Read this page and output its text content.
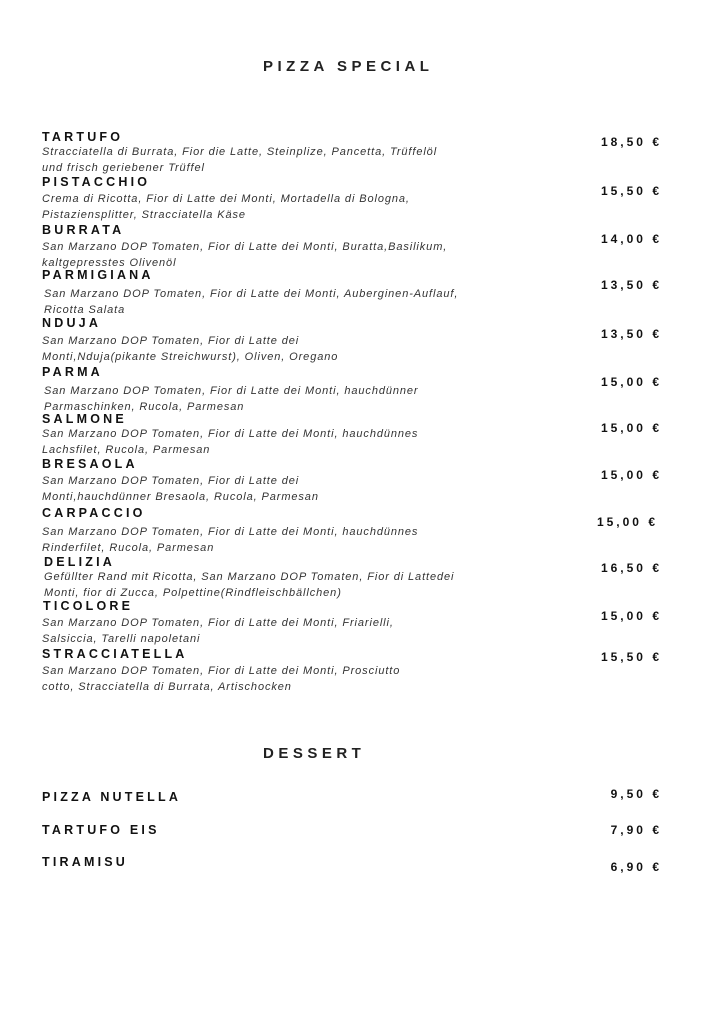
PIZZA SPECIAL
TARTUFO
Stracciatella di Burrata, Fior die Latte, Steinplize, Pancetta, Trüffelöl und frisch geriebener Trüffel
18,50 €
PISTACCHIO
Crema di Ricotta, Fior di Latte dei Monti, Mortadella di Bologna, Pistaziensplitter, Stracciatella Käse
15,50 €
BURRATA
San Marzano DOP Tomaten, Fior di Latte dei Monti, Buratta,Basilikum, kaltgepresstes Olivenöl
14,00 €
PARMIGIANA
San Marzano DOP Tomaten, Fior di Latte dei Monti, Auberginen-Auflauf, Ricotta Salata
13,50 €
NDUJA
San Marzano DOP Tomaten, Fior di Latte dei Monti,Nduja(pikante Streichwurst), Oliven, Oregano
13,50 €
PARMA
San Marzano DOP Tomaten, Fior di Latte dei Monti, hauchdünner Parmaschinken, Rucola, Parmesan
15,00 €
SALMONE
San Marzano DOP Tomaten, Fior di Latte dei Monti, hauchdünnes Lachsfilet, Rucola, Parmesan
15,00 €
BRESAOLA
San Marzano DOP Tomaten, Fior di Latte dei Monti,hauchdünner Bresaola, Rucola, Parmesan
15,00 €
CARPACCIO
San Marzano DOP Tomaten, Fior di Latte dei Monti, hauchdünnes Rinderfilet, Rucola, Parmesan
15,00 €
DELIZIA
Gefüllter Rand mit Ricotta, San Marzano DOP Tomaten, Fior di Lattedei Monti, fior di Zucca, Polpettine(Rindfleischbällchen)
16,50 €
TICOLORE
San Marzano DOP Tomaten, Fior di Latte dei Monti, Friarielli, Salsiccia, Tarelli napoletani
15,00 €
STRACCIATELLA
San Marzano DOP Tomaten, Fior di Latte dei Monti, Prosciutto cotto, Stracciatella di Burrata, Artischocken
15,50 €
DESSERT
PIZZA NUTELLA	9,50 €
TARTUFO EIS	7,90 €
TIRAMISU	6,90 €
